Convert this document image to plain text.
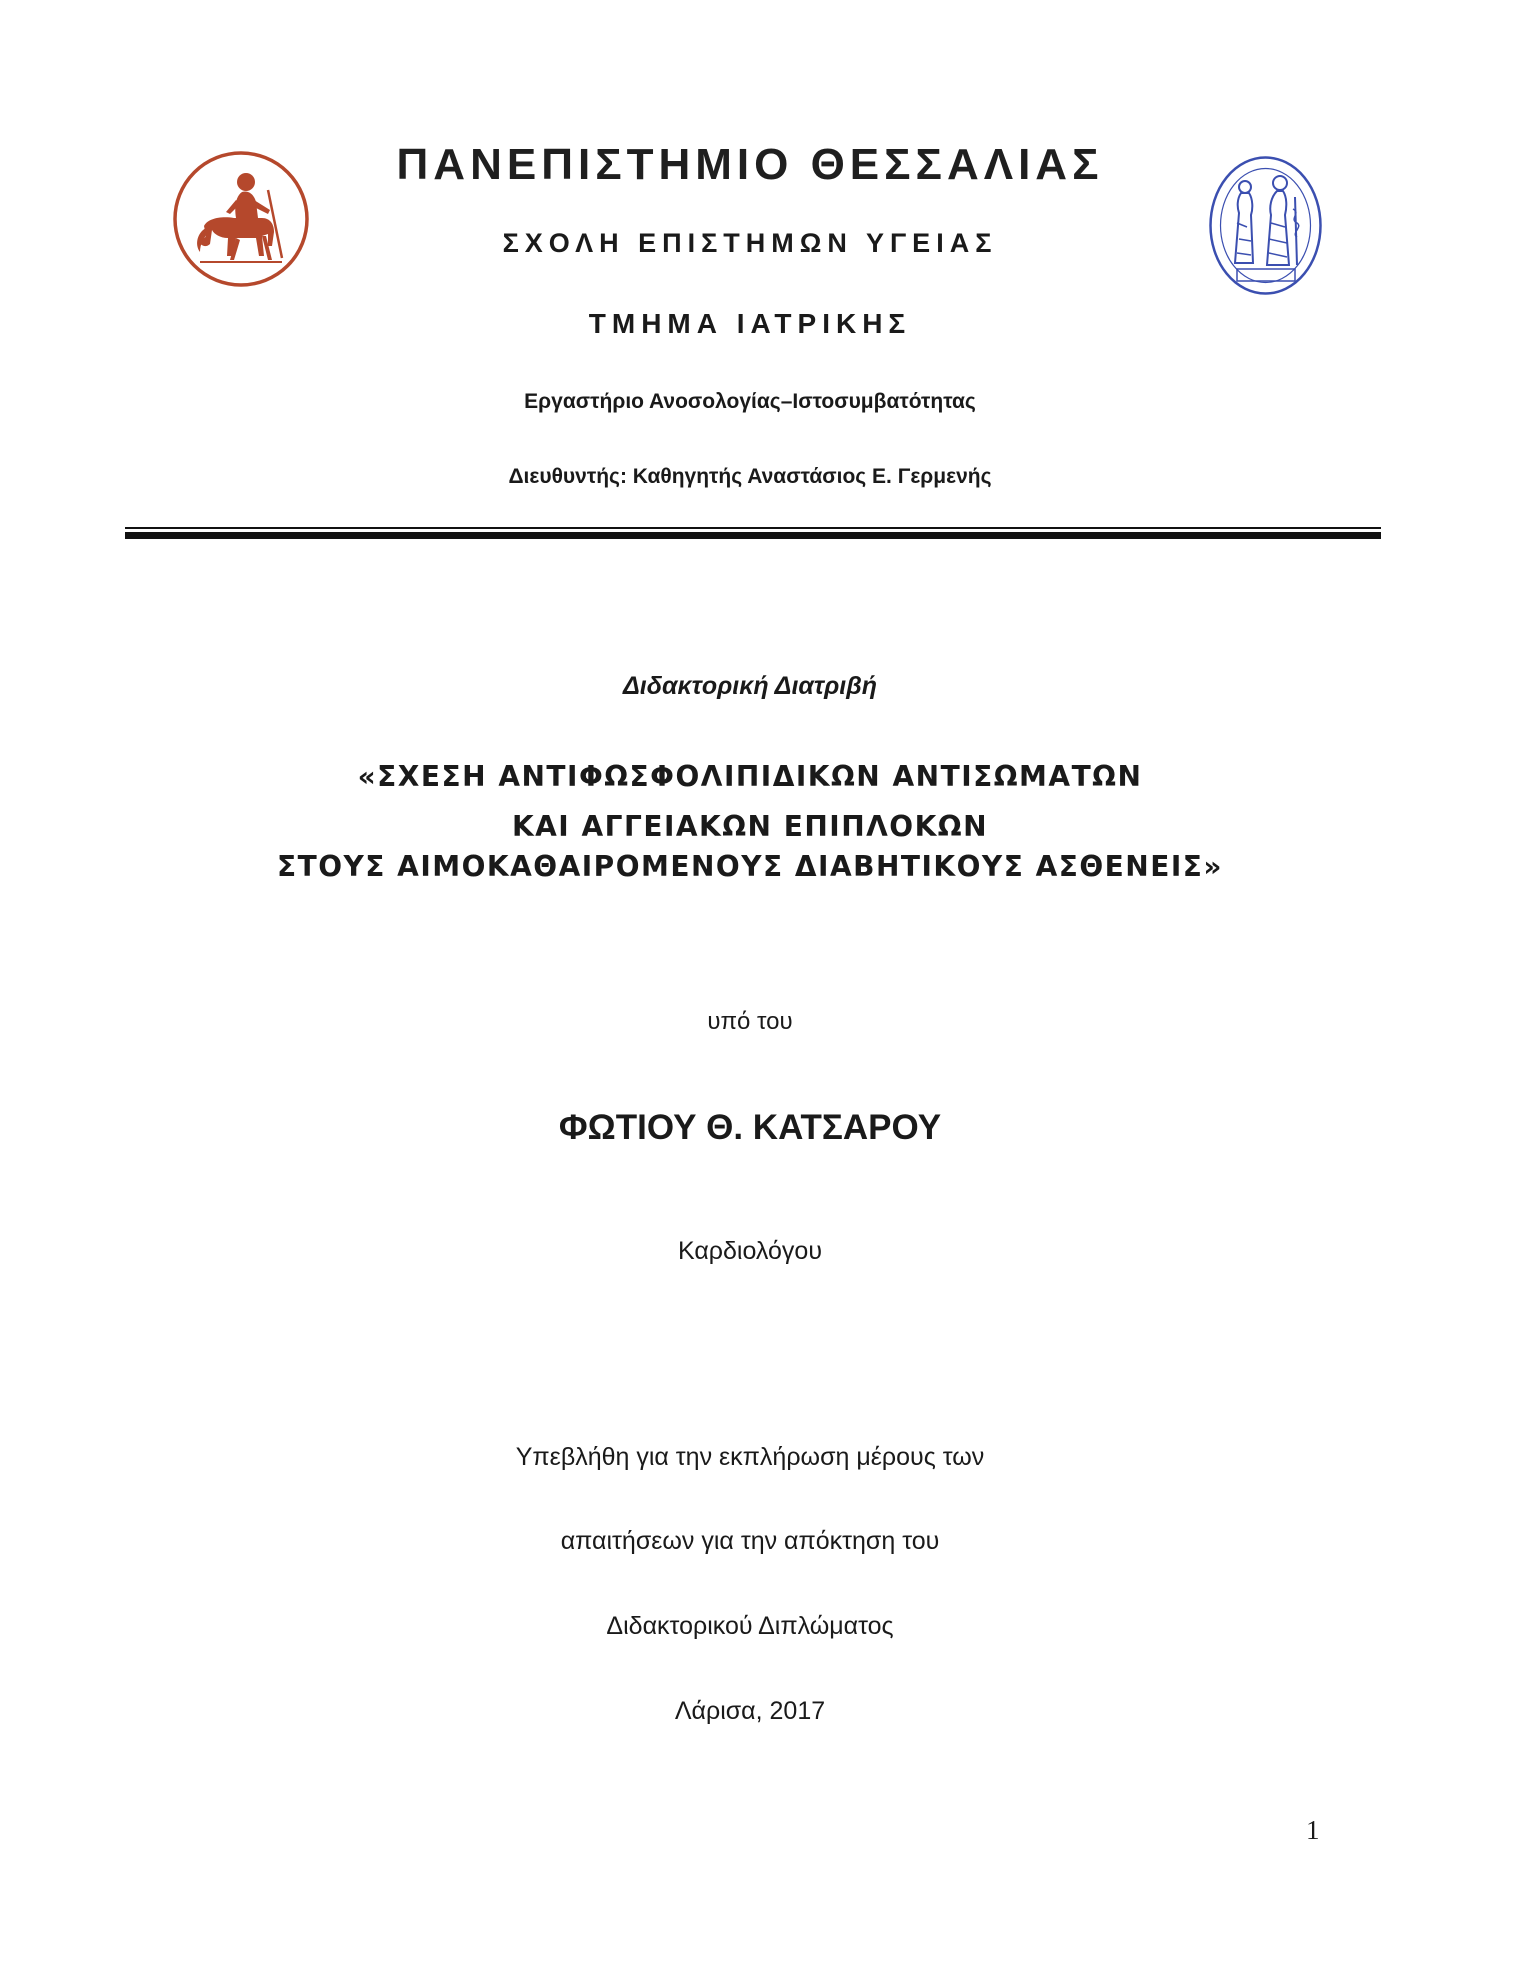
ΠΑΝΕΠΙΣΤΗΜΙΟ ΘΕΣΣΑΛΙΑΣ
ΣΧΟΛΗ ΕΠΙΣΤΗΜΩΝ ΥΓΕΙΑΣ
ΤΜΗΜΑ ΙΑΤΡΙΚΗΣ
Εργαστήριο Ανοσολογίας–Ιστοσυμβατότητας
Διευθυντής: Καθηγητής Αναστάσιος Ε. Γερμενής
Διδακτορική Διατριβή
«ΣΧΕΣΗ ΑΝΤΙΦΩΣΦΟΛΙΠΙΔΙΚΩΝ ΑΝΤΙΣΩΜΑΤΩΝ
ΚΑΙ ΑΓΓΕΙΑΚΩΝ ΕΠΙΠΛΟΚΩΝ
ΣΤΟΥΣ ΑΙΜΟΚΑΘΑΙΡΟΜΕΝΟΥΣ ΔΙΑΒΗΤΙΚΟΥΣ ΑΣΘΕΝΕΙΣ»
υπό του
ΦΩΤΙΟΥ Θ. ΚΑΤΣΑΡΟΥ
Καρδιολόγου
Υπεβλήθη για την εκπλήρωση μέρους των
απαιτήσεων για την απόκτηση του
Διδακτορικού Διπλώματος
Λάρισα, 2017
1
